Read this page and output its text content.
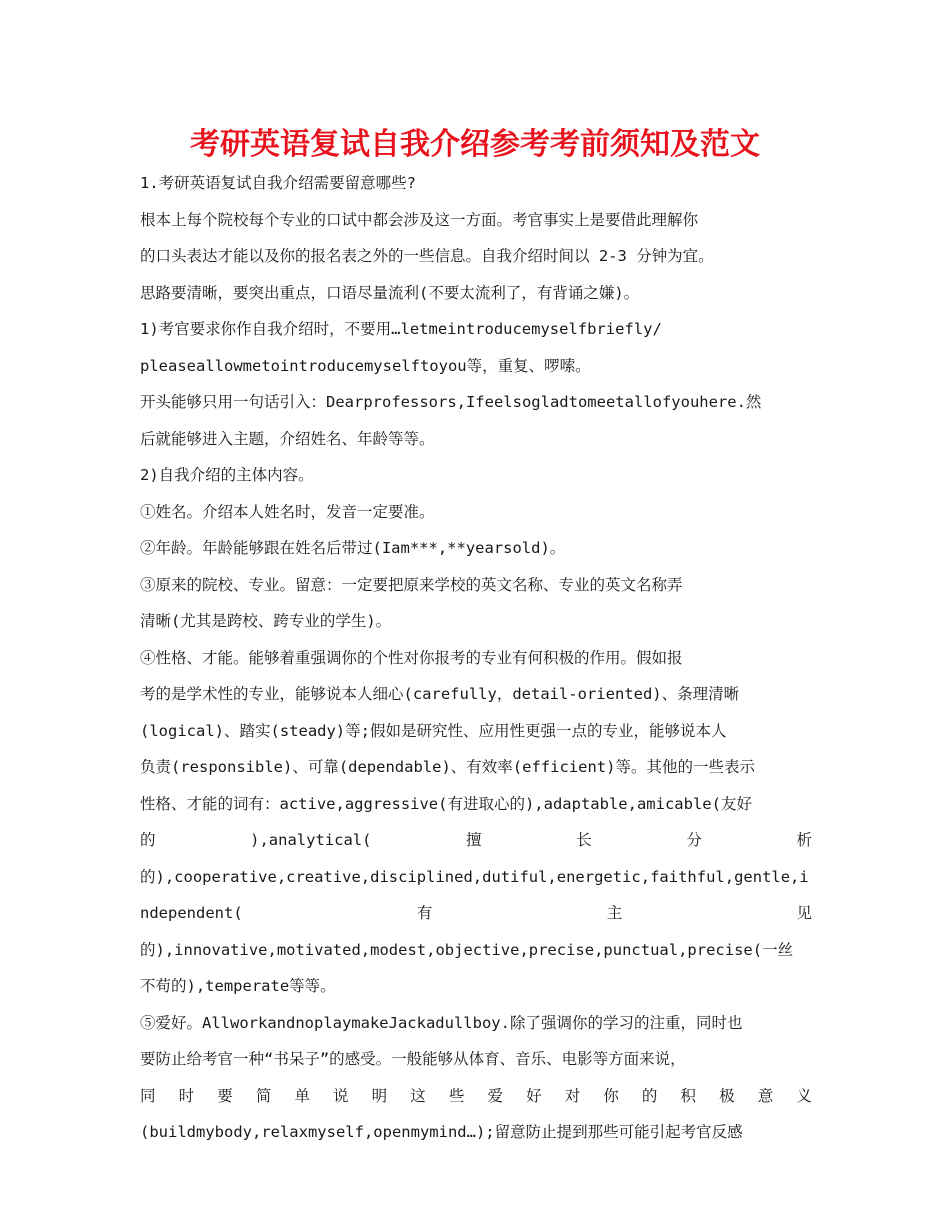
考研英语复试自我介绍参考考前须知及范文
1.考研英语复试自我介绍需要留意哪些?
根本上每个院校每个专业的口试中都会涉及这一方面。考官事实上是要借此理解你
的口头表达才能以及你的报名表之外的一些信息。自我介绍时间以 2-3 分钟为宜。
思路要清晰，要突出重点，口语尽量流利(不要太流利了，有背诵之嫌)。
1)考官要求你作自我介绍时，不要用…letmeintroducemyselfbriefly/
pleaseallowmetointroducemyselftoyou等，重复、啰嗦。
开头能够只用一句话引入：Dearprofessors,Ifeelsogladtomeetallofyouhere.然
后就能够进入主题，介绍姓名、年龄等等。
2)自我介绍的主体内容。
①姓名。介绍本人姓名时，发音一定要准。
②年龄。年龄能够跟在姓名后带过(Iam***,**yearsold)。
③原来的院校、专业。留意：一定要把原来学校的英文名称、专业的英文名称弄
清晰(尤其是跨校、跨专业的学生)。
④性格、才能。能够着重强调你的个性对你报考的专业有何积极的作用。假如报
考的是学术性的专业，能够说本人细心(carefully，detail-oriented)、条理清晰
(logical)、踏实(steady)等;假如是研究性、应用性更强一点的专业，能够说本人
负责(responsible)、可靠(dependable)、有效率(efficient)等。其他的一些表示
性格、才能的词有：active,aggressive(有进取心的),adaptable,amicable(友好
的	),analytical(	擅	长	分	析
的),cooperative,creative,disciplined,dutiful,energetic,faithful,gentle,i
ndependent(	有	主	见
的),innovative,motivated,modest,objective,precise,punctual,precise(一丝
不苟的),temperate等等。
⑤爱好。AllworkandnoplaymakeJackadullboy.除了强调你的学习的注重，同时也
要防止给考官一种“书呆子”的感受。一般能够从体育、音乐、电影等方面来说，
同 时 要 简 单 说 明 这 些 爱 好 对 你 的 积 极 意 义
(buildmybody,relaxmyself,openmymind…);留意防止提到那些可能引起考官反感
